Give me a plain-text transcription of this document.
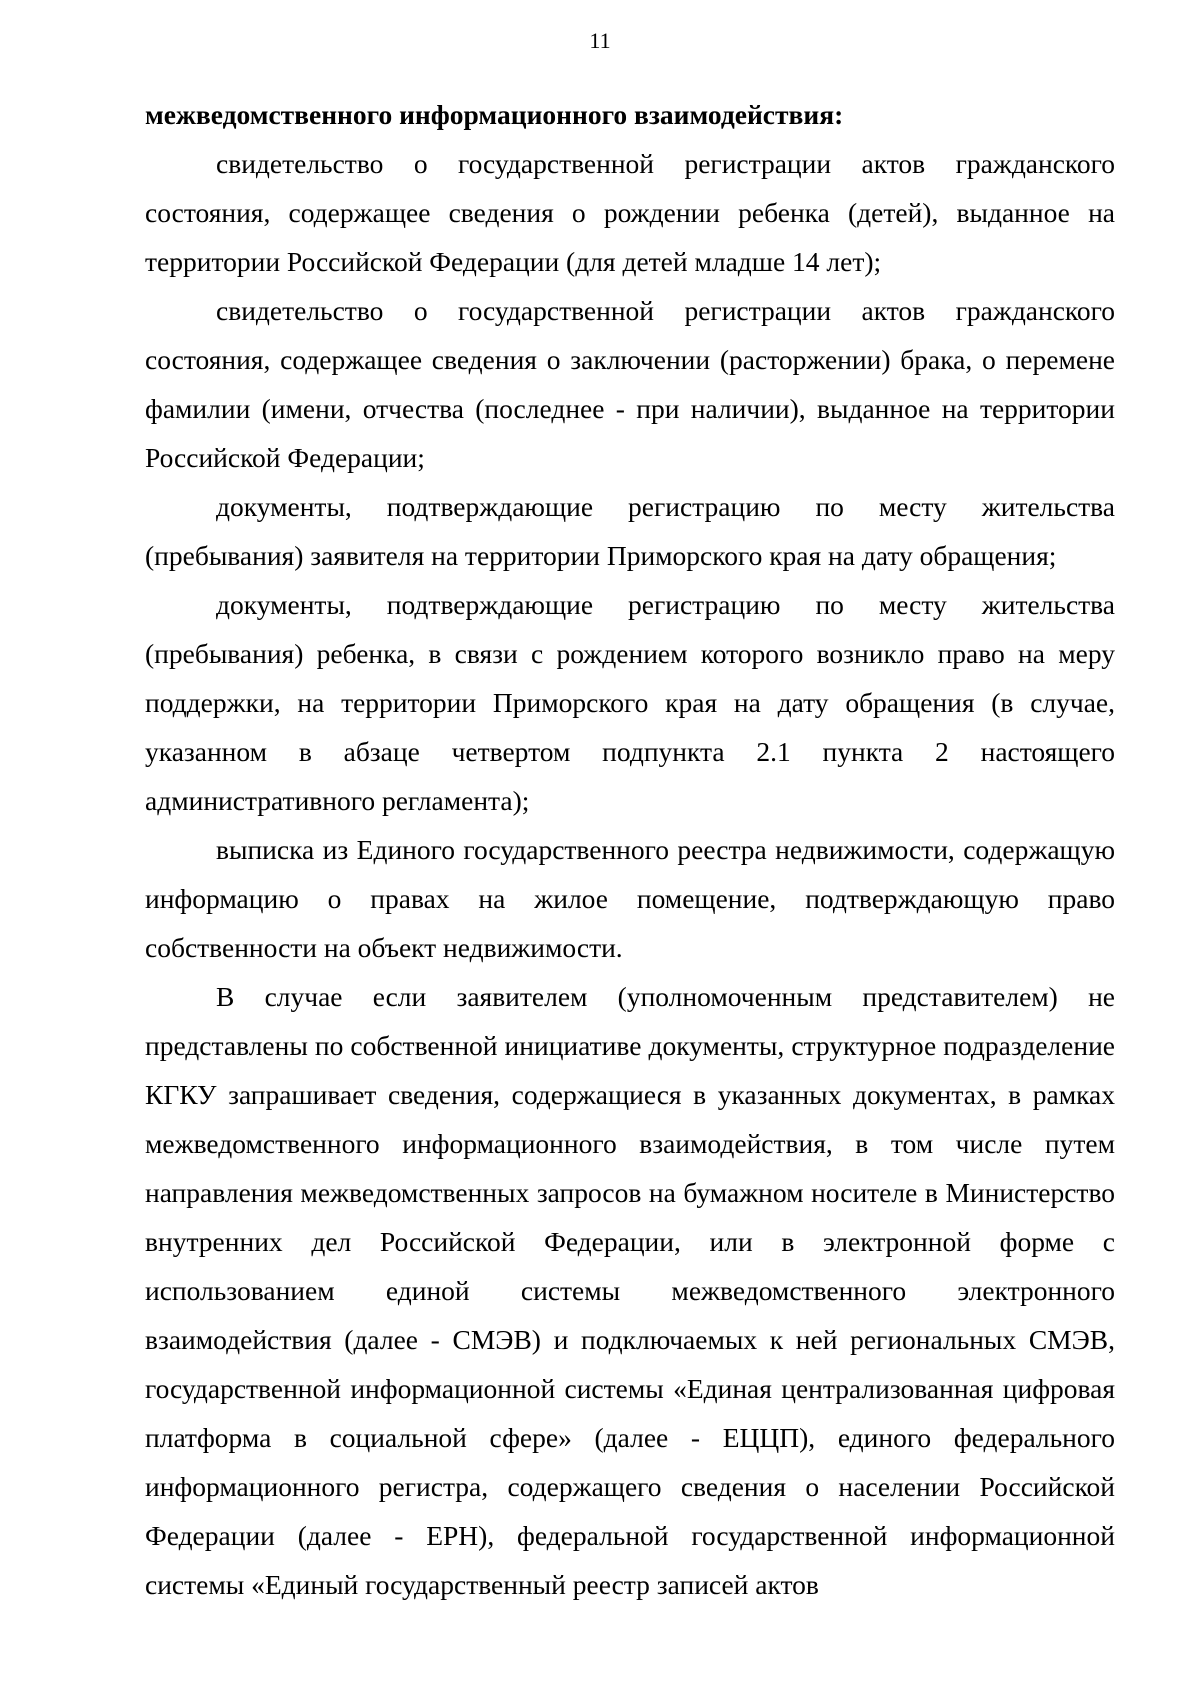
11

межведомственного информационного взаимодействия:

свидетельство о государственной регистрации актов гражданского состояния, содержащее сведения о рождении ребенка (детей), выданное на территории Российской Федерации (для детей младше 14 лет);

свидетельство о государственной регистрации актов гражданского состояния, содержащее сведения о заключении (расторжении) брака, о перемене фамилии (имени, отчества (последнее - при наличии), выданное на территории Российской Федерации;

документы, подтверждающие регистрацию по месту жительства (пребывания) заявителя на территории Приморского края на дату обращения;

документы, подтверждающие регистрацию по месту жительства (пребывания) ребенка, в связи с рождением которого возникло право на меру поддержки, на территории Приморского края на дату обращения (в случае, указанном в абзаце четвертом подпункта 2.1 пункта 2 настоящего административного регламента);

выписка из Единого государственного реестра недвижимости, содержащую информацию о правах на жилое помещение, подтверждающую право собственности на объект недвижимости.

В случае если заявителем (уполномоченным представителем) не представлены по собственной инициативе документы, структурное подразделение КГКУ запрашивает сведения, содержащиеся в указанных документах, в рамках межведомственного информационного взаимодействия, в том числе путем направления межведомственных запросов на бумажном носителе в Министерство внутренних дел Российской Федерации, или в электронной форме с использованием единой системы межведомственного электронного взаимодействия (далее - СМЭВ) и подключаемых к ней региональных СМЭВ, государственной информационной системы «Единая централизованная цифровая платформа в социальной сфере» (далее - ЕЦЦП), единого федерального информационного регистра, содержащего сведения о населении Российской Федерации (далее - ЕРН), федеральной государственной информационной системы «Единый государственный реестр записей актов
